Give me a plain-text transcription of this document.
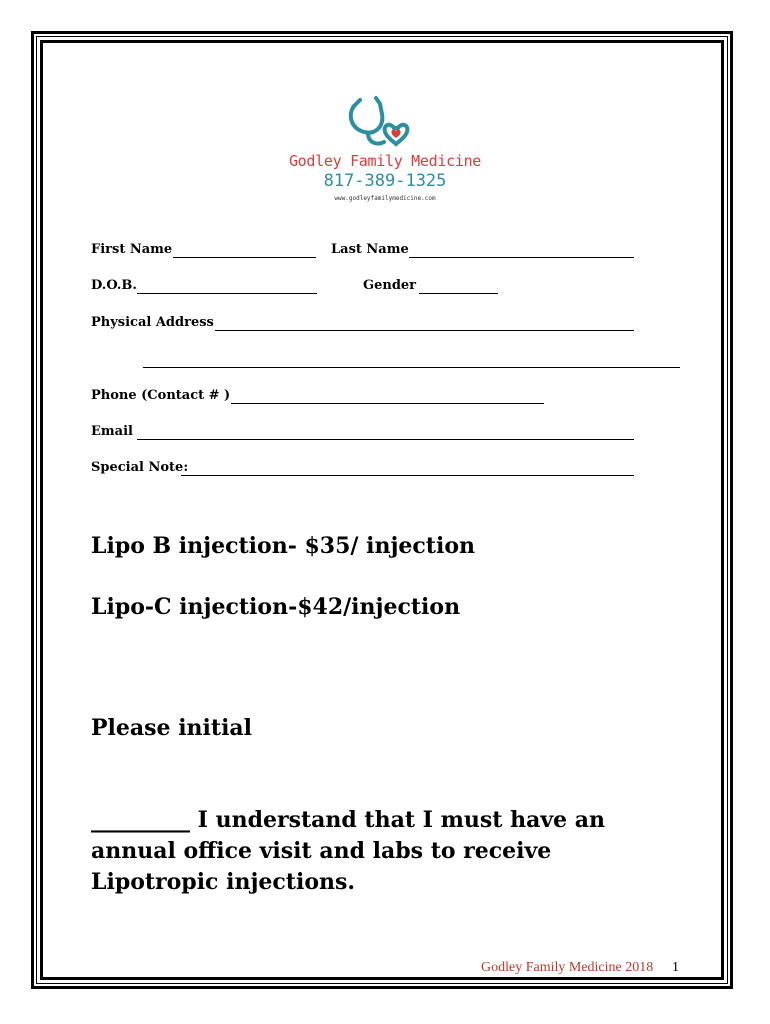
Godley Family Medicine
817-389-1325
www.godleyfamilymedicine.com
First Name	Last Name
D.O.B.	Gender
Physical Address
Phone (Contact # )
Email
Special Note:
Lipo B injection- $35/ injection
Lipo-C injection-$42/injection
Please initial
_________ I understand that I must have an annual office visit and labs to receive Lipotropic injections.
Godley Family Medicine 2018 1
